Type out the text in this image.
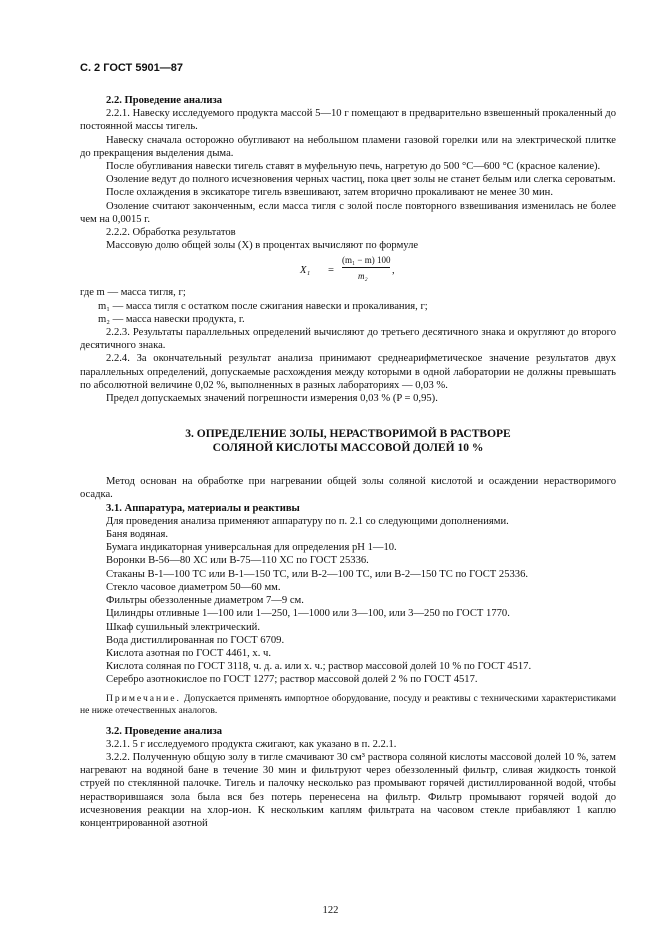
С. 2 ГОСТ 5901—87

2.2. Проведение анализа

2.2.1. Навеску исследуемого продукта массой 5—10 г помещают в предварительно взвешенный прокаленный до постоянной массы тигель.

Навеску сначала осторожно обугливают на небольшом пламени газовой горелки или на электрической плитке до прекращения выделения дыма.

После обугливания навески тигель ставят в муфельную печь, нагретую до 500 °С—600 °С (красное каление).

Озоление ведут до полного исчезновения черных частиц, пока цвет золы не станет белым или слегка сероватым.

После охлаждения в эксикаторе тигель взвешивают, затем вторично прокаливают не менее 30 мин.

Озоление считают законченным, если масса тигля с золой после повторного взвешивания изменилась не более чем на 0,0015 г.

2.2.2. Обработка результатов

Массовую долю общей золы (X) в процентах вычисляют по формуле

X₁ =
(m₁ − m) 100
m₂ ,

где m — масса тигля, г;

m₁ — масса тигля с остатком после сжигания навески и прокаливания, г;

m₂ — масса навески продукта, г.

2.2.3. Результаты параллельных определений вычисляют до третьего десятичного знака и округляют до второго десятичного знака.

2.2.4. За окончательный результат анализа принимают среднеарифметическое значение результатов двух параллельных определений, допускаемые расхождения между которыми в одной лаборатории не должны превышать по абсолютной величине 0,02 %, выполненных в разных лабораториях — 0,03 %.

Предел допускаемых значений погрешности измерения 0,03 % (P = 0,95).

3. ОПРЕДЕЛЕНИЕ ЗОЛЫ, НЕРАСТВОРИМОЙ В РАСТВОРЕ
СОЛЯНОЙ КИСЛОТЫ МАССОВОЙ ДОЛЕЙ 10 %

Метод основан на обработке при нагревании общей золы соляной кислотой и осаждении нерастворимого осадка.

3.1. Аппаратура, материалы и реактивы

Для проведения анализа применяют аппаратуру по п. 2.1 со следующими дополнениями.

Баня водяная.

Бумага индикаторная универсальная для определения pH 1—10.

Воронки В-56—80 ХС или В-75—110 ХС по ГОСТ 25336.

Стаканы В-1—100 ТС или В-1—150 ТС, или В-2—100 ТС, или В-2—150 ТС по ГОСТ 25336.

Стекло часовое диаметром 50—60 мм.

Фильтры обеззоленные диаметром 7—9 см.

Цилиндры отливные 1—100 или 1—250, 1—1000 или 3—100, или 3—250 по ГОСТ 1770.

Шкаф сушильный электрический.

Вода дистиллированная по ГОСТ 6709.

Кислота азотная по ГОСТ 4461, х. ч.

Кислота соляная по ГОСТ 3118, ч. д. а. или х. ч.; раствор массовой долей 10 % по ГОСТ 4517.

Серебро азотнокислое по ГОСТ 1277; раствор массовой долей 2 % по ГОСТ 4517.

Примечание. Допускается применять импортное оборудование, посуду и реактивы с техническими характеристиками не ниже отечественных аналогов.

3.2. Проведение анализа

3.2.1. 5 г исследуемого продукта сжигают, как указано в п. 2.2.1.

3.2.2. Полученную общую золу в тигле смачивают 30 см³ раствора соляной кислоты массовой долей 10 %, затем нагревают на водяной бане в течение 30 мин и фильтруют через обеззоленный фильтр, сливая жидкость тонкой струей по стеклянной палочке. Тигель и палочку несколько раз промывают горячей дистиллированной водой, чтобы нерастворившаяся зола была вся без потерь перенесена на фильтр. Фильтр промывают горячей водой до исчезновения реакции на хлор-ион. К нескольким каплям фильтрата на часовом стекле прибавляют 1 каплю концентрированной азотной

122
